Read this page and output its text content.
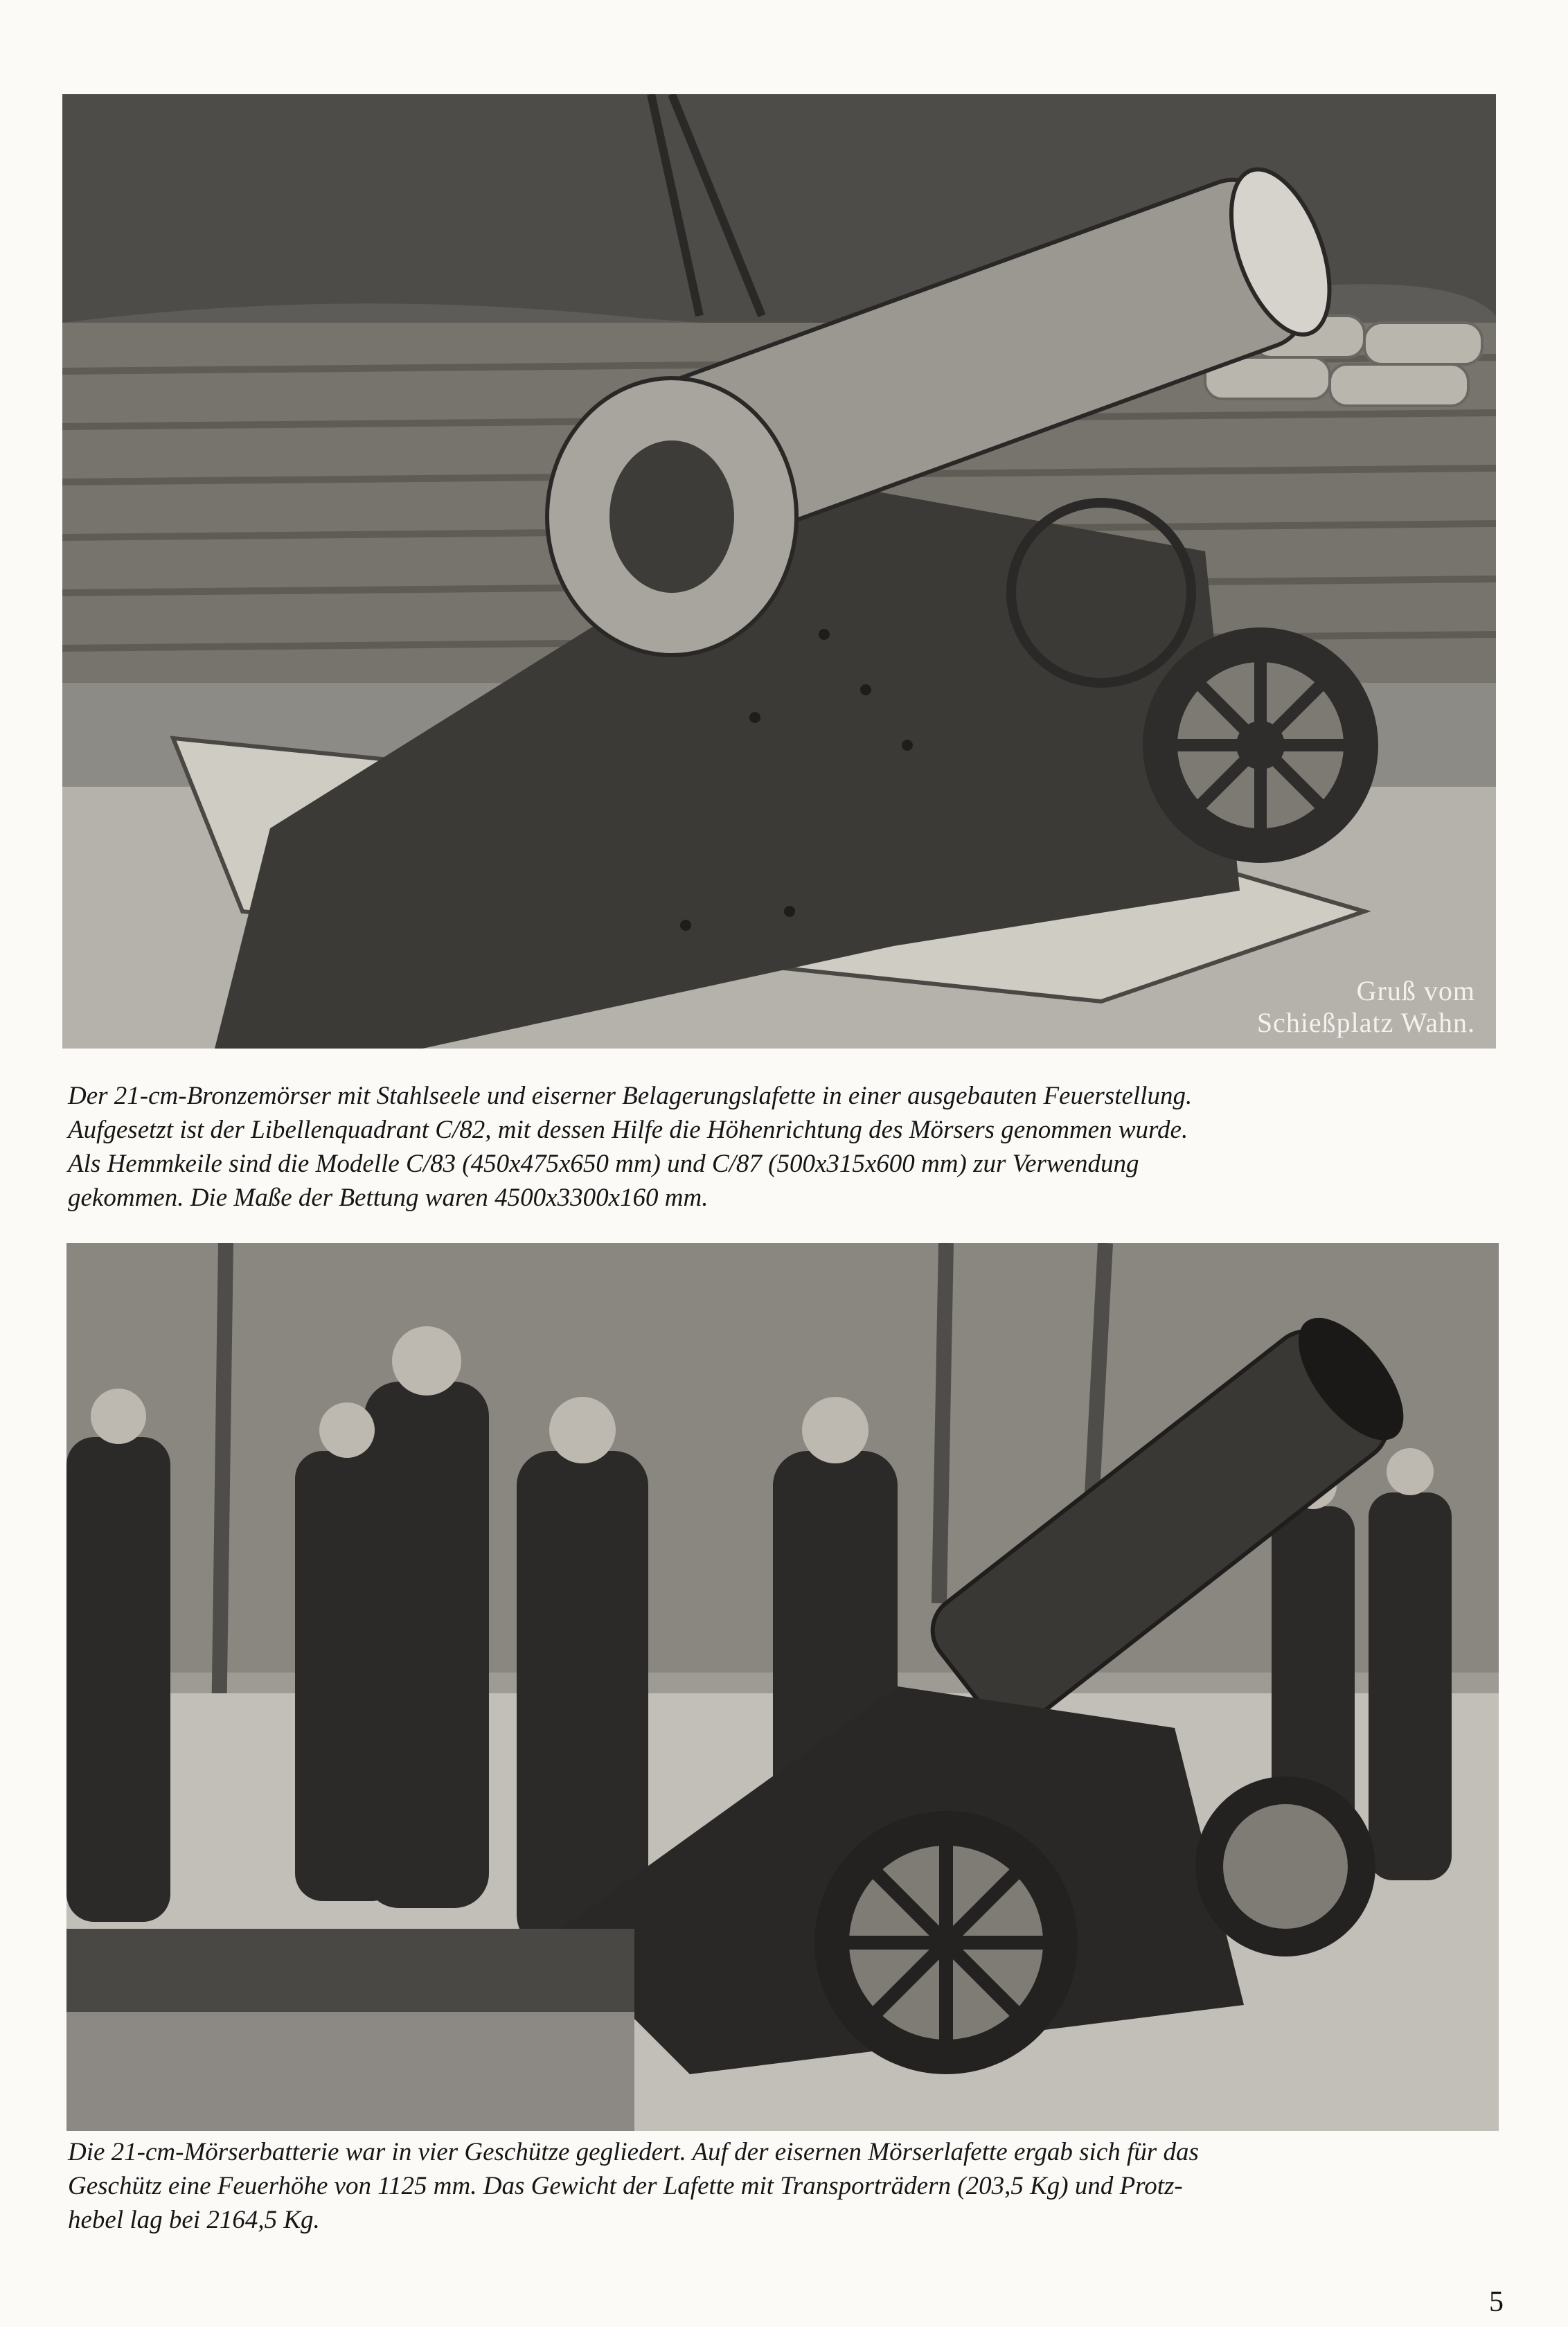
Gruß vom
Schießplatz Wahn.
Der 21-cm-Bronzemörser mit Stahlseele und eiserner Belagerungslafette in einer ausgebauten Feuerstellung.
Aufgesetzt ist der Libellenquadrant C/82, mit dessen Hilfe die Höhenrichtung des Mörsers genommen wurde.
Als Hemmkeile sind die Modelle C/83 (450x475x650 mm) und C/87 (500x315x600 mm) zur Verwendung
gekommen. Die Maße der Bettung waren 4500x3300x160 mm.
Die 21-cm-Mörserbatterie war in vier Geschütze gegliedert. Auf der eisernen Mörserlafette ergab sich für das
Geschütz eine Feuerhöhe von 1125 mm. Das Gewicht der Lafette mit Transporträdern (203,5 Kg) und Protz-
hebel lag bei 2164,5 Kg.
5
